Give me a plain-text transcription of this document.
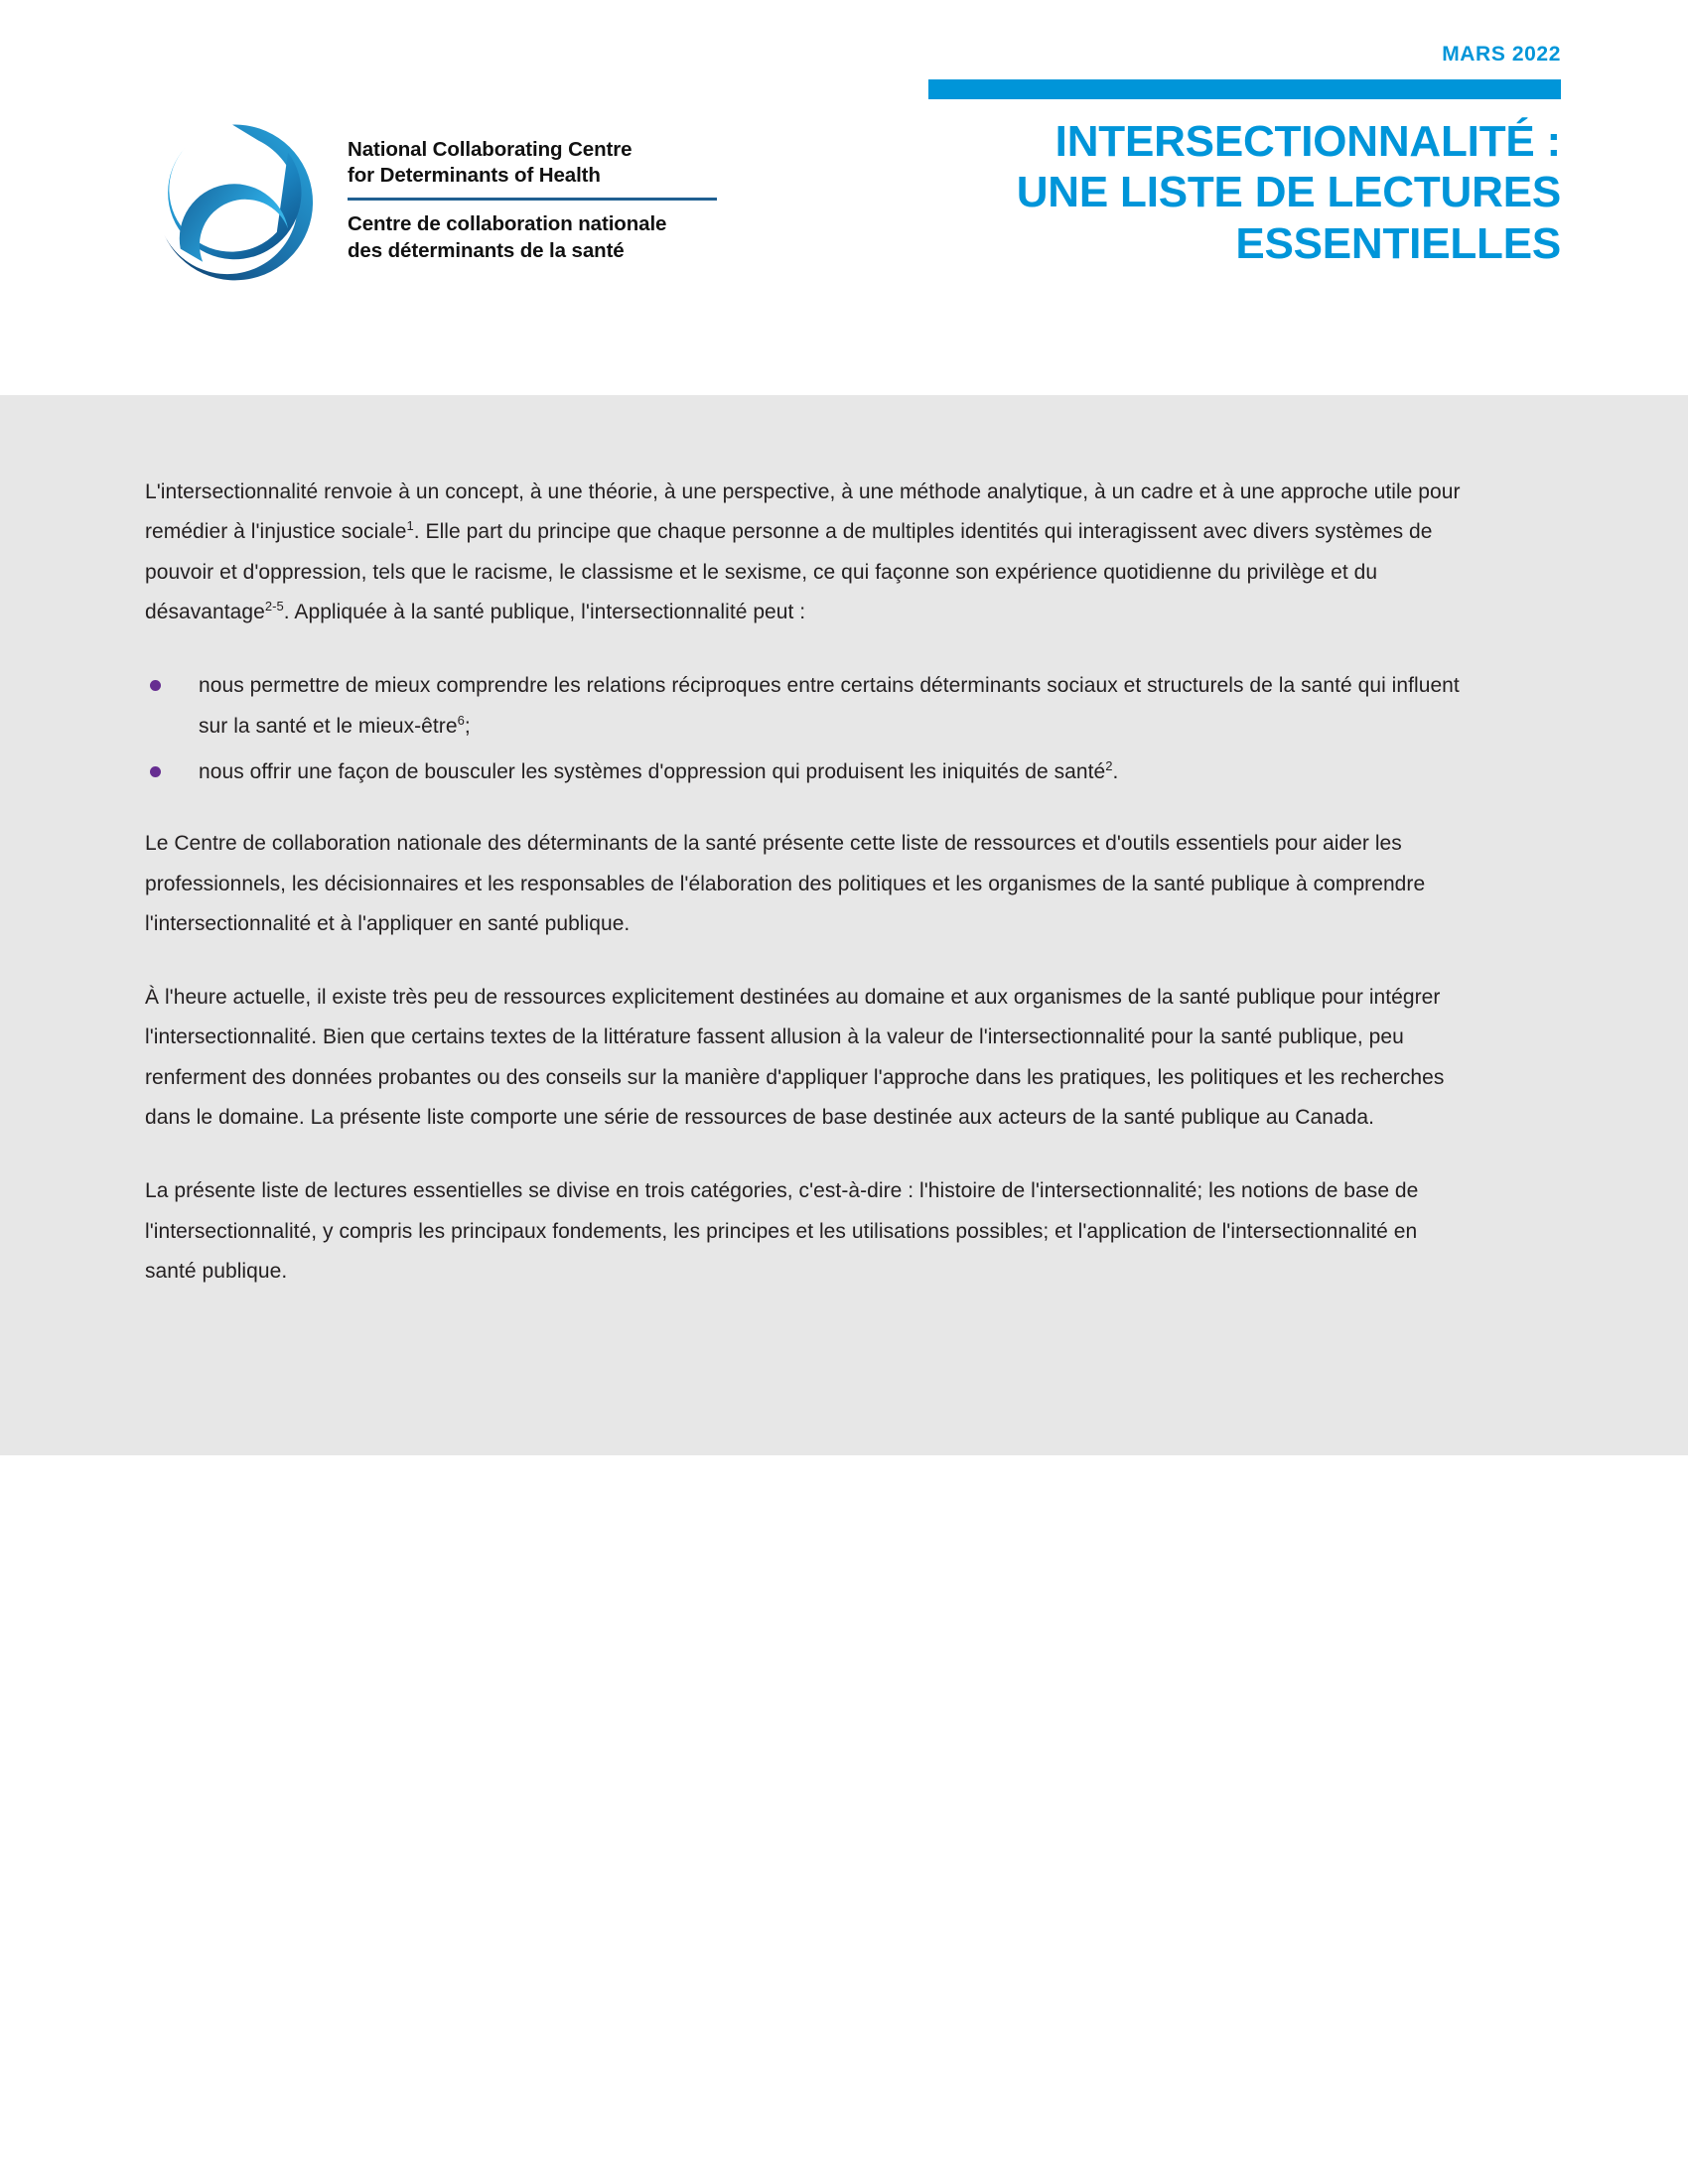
National Collaborating Centre
for Determinants of Health
Centre de collaboration nationale
des déterminants de la santé
MARS 2022
INTERSECTIONNALITÉ :
UNE LISTE DE LECTURES
ESSENTIELLES

L'intersectionnalité renvoie à un concept, à une théorie, à une perspective, à une méthode analytique, à un cadre et à une approche utile pour remédier à l'injustice sociale$^1$. Elle part du principe que chaque personne a de multiples identités qui interagissent avec divers systèmes de pouvoir et d'oppression, tels que le racisme, le classisme et le sexisme, ce qui façonne son expérience quotidienne du privilège et du désavantage$^{2-5}$. Appliquée à la santé publique, l'intersectionnalité peut :

nous permettre de mieux comprendre les relations réciproques entre certains déterminants sociaux et structurels de la santé qui influent sur la santé et le mieux-être$^6$;
nous offrir une façon de bousculer les systèmes d'oppression qui produisent les iniquités de santé$^2$.

Le Centre de collaboration nationale des déterminants de la santé présente cette liste de ressources et d'outils essentiels pour aider les professionnels, les décisionnaires et les responsables de l'élaboration des politiques et les organismes de la santé publique à comprendre l'intersectionnalité et à l'appliquer en santé publique.

À l'heure actuelle, il existe très peu de ressources explicitement destinées au domaine et aux organismes de la santé publique pour intégrer l'intersectionnalité. Bien que certains textes de la littérature fassent allusion à la valeur de l'intersectionnalité pour la santé publique, peu renferment des données probantes ou des conseils sur la manière d'appliquer l'approche dans les pratiques, les politiques et les recherches dans le domaine. La présente liste comporte une série de ressources de base destinée aux acteurs de la santé publique au Canada.

La présente liste de lectures essentielles se divise en trois catégories, c'est-à-dire : l'histoire de l'intersectionnalité; les notions de base de l'intersectionnalité, y compris les principaux fondements, les principes et les utilisations possibles; et l'application de l'intersectionnalité en santé publique.
